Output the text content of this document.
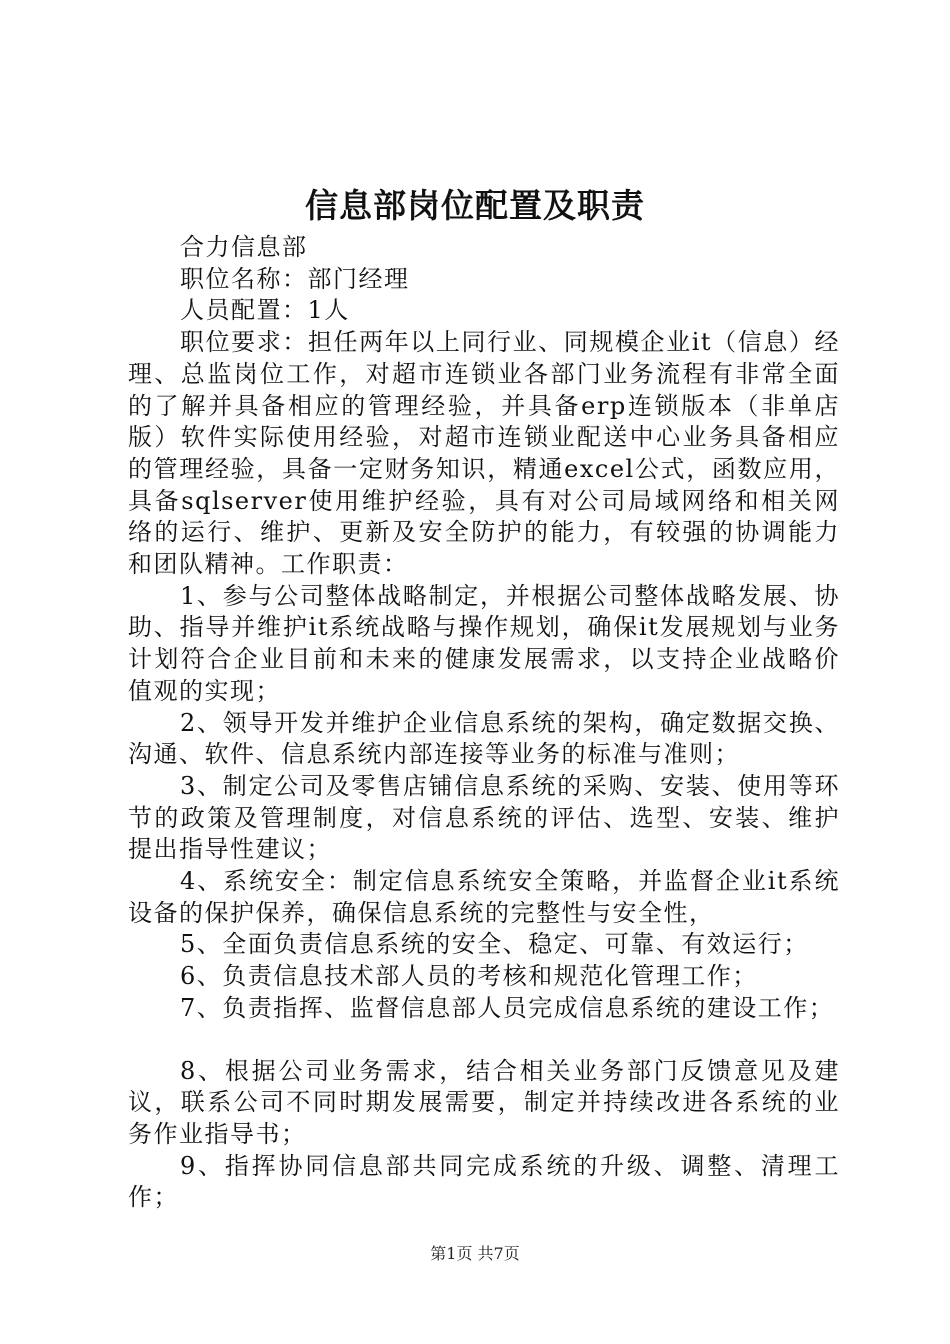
信息部岗位配置及职责

合力信息部

职位名称：部门经理

人员配置：1人

职位要求：担任两年以上同行业、同规模企业it（信息）经理、总监岗位工作，对超市连锁业各部门业务流程有非常全面的了解并具备相应的管理经验，并具备erp连锁版本（非单店版）软件实际使用经验，对超市连锁业配送中心业务具备相应的管理经验，具备一定财务知识，精通excel公式，函数应用，具备sqlserver使用维护经验，具有对公司局域网络和相关网络的运行、维护、更新及安全防护的能力，有较强的协调能力和团队精神。工作职责：

1、参与公司整体战略制定，并根据公司整体战略发展、协助、指导并维护it系统战略与操作规划，确保it发展规划与业务计划符合企业目前和未来的健康发展需求，以支持企业战略价值观的实现；

2、领导开发并维护企业信息系统的架构，确定数据交换、沟通、软件、信息系统内部连接等业务的标准与准则；

3、制定公司及零售店铺信息系统的采购、安装、使用等环节的政策及管理制度，对信息系统的评估、选型、安装、维护提出指导性建议；

4、系统安全：制定信息系统安全策略，并监督企业it系统设备的保护保养，确保信息系统的完整性与安全性，

5、全面负责信息系统的安全、稳定、可靠、有效运行；

6、负责信息技术部人员的考核和规范化管理工作；

7、负责指挥、监督信息部人员完成信息系统的建设工作；

8、根据公司业务需求，结合相关业务部门反馈意见及建议，联系公司不同时期发展需要，制定并持续改进各系统的业务作业指导书；

9、指挥协同信息部共同完成系统的升级、调整、清理工作；

第1页 共7页
